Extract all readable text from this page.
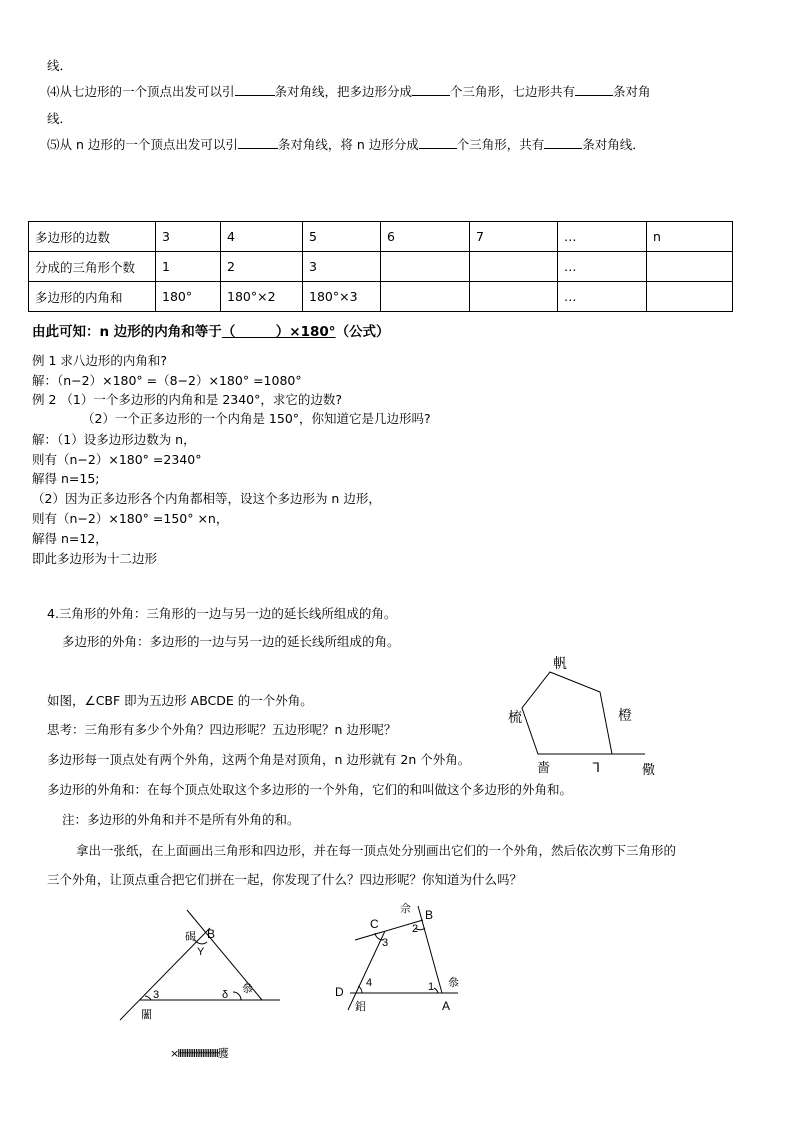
线．
⑷从七边形的一个顶点出发可以引	条对角线，把多边形分成	个三角形，七边形共有	条对角
线．
⑸从 n 边形的一个顶点出发可以引	条对角线，将 n 边形分成	个三角形，共有	条对角线．
多边形的边数	3	4	5	6	7	…	n
分成的三角形个数	1	2	3			…	
多边形的内角和	180°	180°×2	180°×3			…	
由此可知：n 边形的内角和等于（　　　）×180°（公式）
例 1 求八边形的内角和?
解：（n−2）×180° =（8−2）×180° =1080°
例 2 （1）一个多边形的内角和是 2340°，求它的边数?
（2）一个正多边形的一个内角是 150°，你知道它是几边形吗?
解：（1）设多边形边数为 n，
则有（n−2）×180° =2340°
解得 n=15;
（2）因为正多边形各个内角都相等，设这个多边形为 n 边形，
则有（n−2）×180° =150° ×n，
解得 n=12，
即此多边形为十二边形
4.三角形的外角：三角形的一边与另一边的延长线所组成的角。
多边形的外角：多边形的一边与另一边的延长线所组成的角。
如图，∠CBF 即为五边形 ABCDE 的一个外角。
思考：三角形有多少个外角？四边形呢？五边形呢？n 边形呢？
多边形每一顶点处有两个外角，这两个角是对顶角，n 边形就有 2n 个外角。
多边形的外角和：在每个顶点处取这个多边形的一个外角，它们的和叫做这个多边形的外角和。
注：多边形的外角和并不是所有外角的和。
拿出一张纸，在上面画出三角形和四边形，并在每一顶点处分别画出它们的一个外角，然后依次剪下三角形的
三个外角，让顶点重合把它们拼在一起，你发现了什么？四边形呢？你知道为什么吗？
軓
梳	橙
嗇	ᒣ	儆
B
Y
3	δ
碣
叅
闣
A
B
C
D	1
2
3
4
佘
叅
鋁
×ŀŀŀŀŀŀŀŀŀŀŀŀŀŀŀŀŀŀŀŀŀŀŀ臒
